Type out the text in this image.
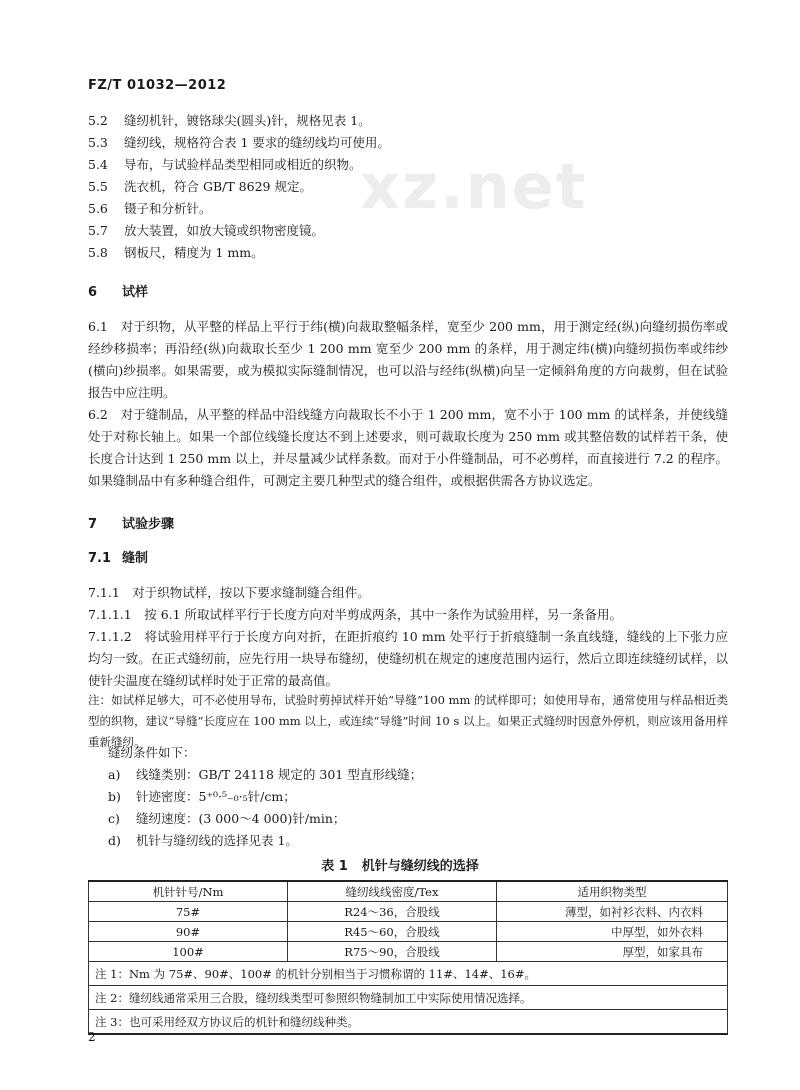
xz.net
FZ/T 01032—2012
5.2 缝纫机针，镀铬球尖(圆头)针，规格见表 1。
5.3 缝纫线，规格符合表 1 要求的缝纫线均可使用。
5.4 导布，与试验样品类型相同或相近的织物。
5.5 洗衣机，符合 GB/T 8629 规定。
5.6 镊子和分析针。
5.7 放大装置，如放大镜或织物密度镜。
5.8 钢板尺，精度为 1 mm。
6 试样
6.1　对于织物，从平整的样品上平行于纬(横)向裁取整幅条样，宽至少 200 mm，用于测定经(纵)向缝纫损伤率或经纱移损率；再沿经(纵)向裁取长至少 1 200 mm 宽至少 200 mm 的条样，用于测定纬(横)向缝纫损伤率或纬纱(横向)纱损率。如果需要，或为模拟实际缝制情况，也可以沿与经纬(纵横)向呈一定倾斜角度的方向裁剪，但在试验报告中应注明。
6.2　对于缝制品，从平整的样品中沿线缝方向裁取长不小于 1 200 mm，宽不小于 100 mm 的试样条，并使线缝处于对称长轴上。如果一个部位线缝长度达不到上述要求，则可裁取长度为 250 mm 或其整倍数的试样若干条，使长度合计达到 1 250 mm 以上，并尽量减少试样条数。而对于小件缝制品，可不必剪样，而直接进行 7.2 的程序。如果缝制品中有多种缝合组件，可测定主要几种型式的缝合组件，或根据供需各方协议选定。
7 试验步骤
7.1 缝制
7.1.1　对于织物试样，按以下要求缝制缝合组件。
7.1.1.1　按 6.1 所取试样平行于长度方向对半剪成两条，其中一条作为试验用样，另一条备用。
7.1.1.2　将试验用样平行于长度方向对折，在距折痕约 10 mm 处平行于折痕缝制一条直线缝，缝线的上下张力应均匀一致。在正式缝纫前，应先行用一块导布缝纫，使缝纫机在规定的速度范围内运行，然后立即连续缝纫试样，以使针尖温度在缝纫试样时处于正常的最高值。
注：如试样足够大，可不必使用导布，试验时剪掉试样开始“导缝”100 mm 的试样即可；如使用导布，通常使用与样品相近类型的织物，建议“导缝”长度应在 100 mm 以上，或连续“导缝”时间 10 s 以上。如果正式缝纫时因意外停机，则应该用备用样重新缝纫。
缝纫条件如下：
a) 线缝类别：GB/T 24118 规定的 301 型直形线缝；
b) 针迹密度：5⁺⁰·⁵₋₀·₅针/cm；
c) 缝纫速度：(3 000～4 000)针/min；
d) 机针与缝纫线的选择见表 1。
表 1 机针与缝纫线的选择
机针针号/Nm	缝纫线线密度/Tex	适用织物类型
75#	R24～36，合股线	薄型，如衬衫衣料、内衣料
90#	R45～60，合股线	中厚型，如外衣料
100#	R75～90，合股线	厚型，如家具布
注 1：Nm 为 75#、90#、100# 的机针分别相当于习惯称谓的 11#、14#、16#。		
注 2：缝纫线通常采用三合股，缝纫线类型可参照织物缝制加工中实际使用情况选择。		
注 3：也可采用经双方协议后的机针和缝纫线种类。		
2
